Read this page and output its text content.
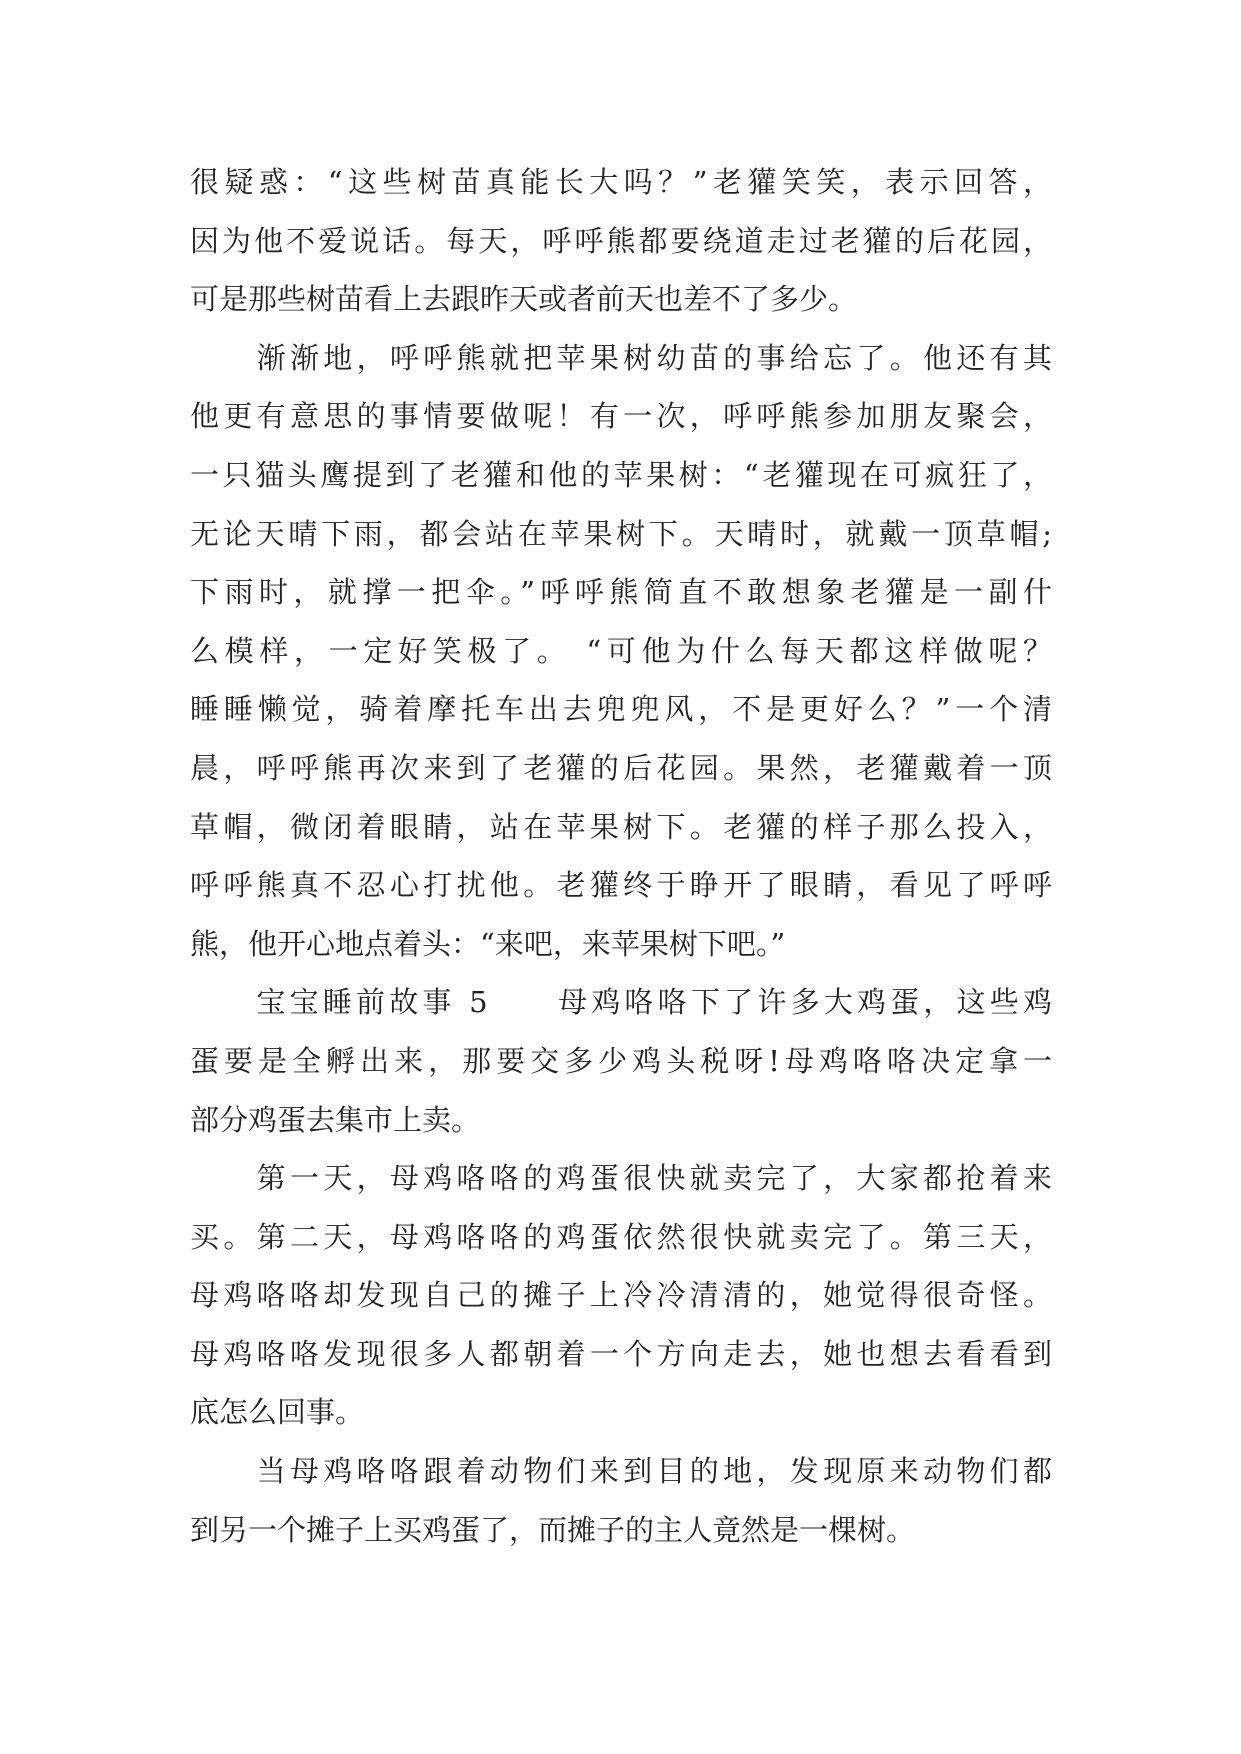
很疑惑：“这些树苗真能长大吗？”老獾笑笑，表示回答，
因为他不爱说话。每天，呼呼熊都要绕道走过老獾的后花园，
可是那些树苗看上去跟昨天或者前天也差不了多少。
　　渐渐地，呼呼熊就把苹果树幼苗的事给忘了。他还有其
他更有意思的事情要做呢！有一次，呼呼熊参加朋友聚会，
一只猫头鹰提到了老獾和他的苹果树：“老獾现在可疯狂了，
无论天晴下雨，都会站在苹果树下。天晴时，就戴一顶草帽;
下雨时，就撑一把伞。”呼呼熊简直不敢想象老獾是一副什
么模样，一定好笑极了。 “可他为什么每天都这样做呢？
睡睡懒觉，骑着摩托车出去兜兜风，不是更好么？”一个清
晨，呼呼熊再次来到了老獾的后花园。果然，老獾戴着一顶
草帽，微闭着眼睛，站在苹果树下。老獾的样子那么投入，
呼呼熊真不忍心打扰他。老獾终于睁开了眼睛，看见了呼呼
熊，他开心地点着头：“来吧，来苹果树下吧。”
　　宝宝睡前故事 5　　母鸡咯咯下了许多大鸡蛋，这些鸡
蛋要是全孵出来，那要交多少鸡头税呀!母鸡咯咯决定拿一
部分鸡蛋去集市上卖。
　　第一天，母鸡咯咯的鸡蛋很快就卖完了，大家都抢着来
买。第二天，母鸡咯咯的鸡蛋依然很快就卖完了。第三天，
母鸡咯咯却发现自己的摊子上冷冷清清的，她觉得很奇怪。
母鸡咯咯发现很多人都朝着一个方向走去，她也想去看看到
底怎么回事。
　　当母鸡咯咯跟着动物们来到目的地，发现原来动物们都
到另一个摊子上买鸡蛋了，而摊子的主人竟然是一棵树。
